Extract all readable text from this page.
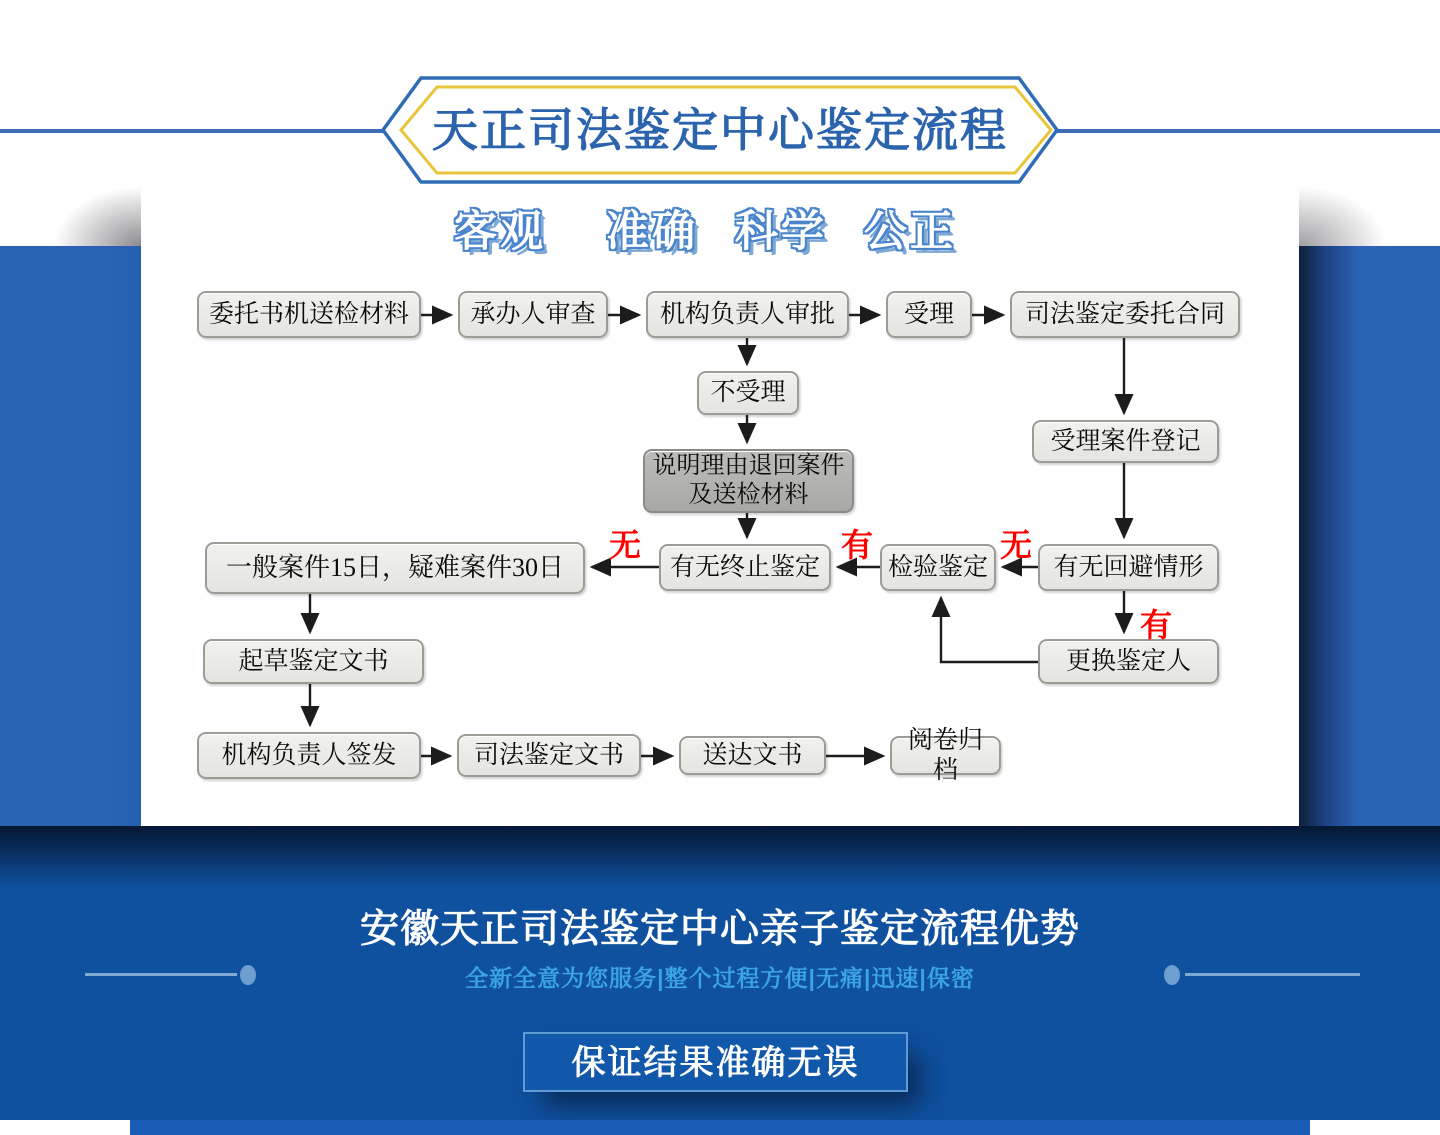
天正司法鉴定中心鉴定流程
客观 准确 科学 公正
委托书机送检材料	承办人审查	机构负责人审批	受理	司法鉴定委托合同
不受理
说明理由退回案件及送检材料
受理案件登记
有无回避情形
检验鉴定
有无终止鉴定
一般案件15日，疑难案件30日
更换鉴定人
起草鉴定文书
机构负责人签发	司法鉴定文书	送达文书
阅卷归档
无	有	无
有
安徽天正司法鉴定中心亲子鉴定流程优势
全新全意为您服务|整个过程方便|无痛|迅速|保密
保证结果准确无误
